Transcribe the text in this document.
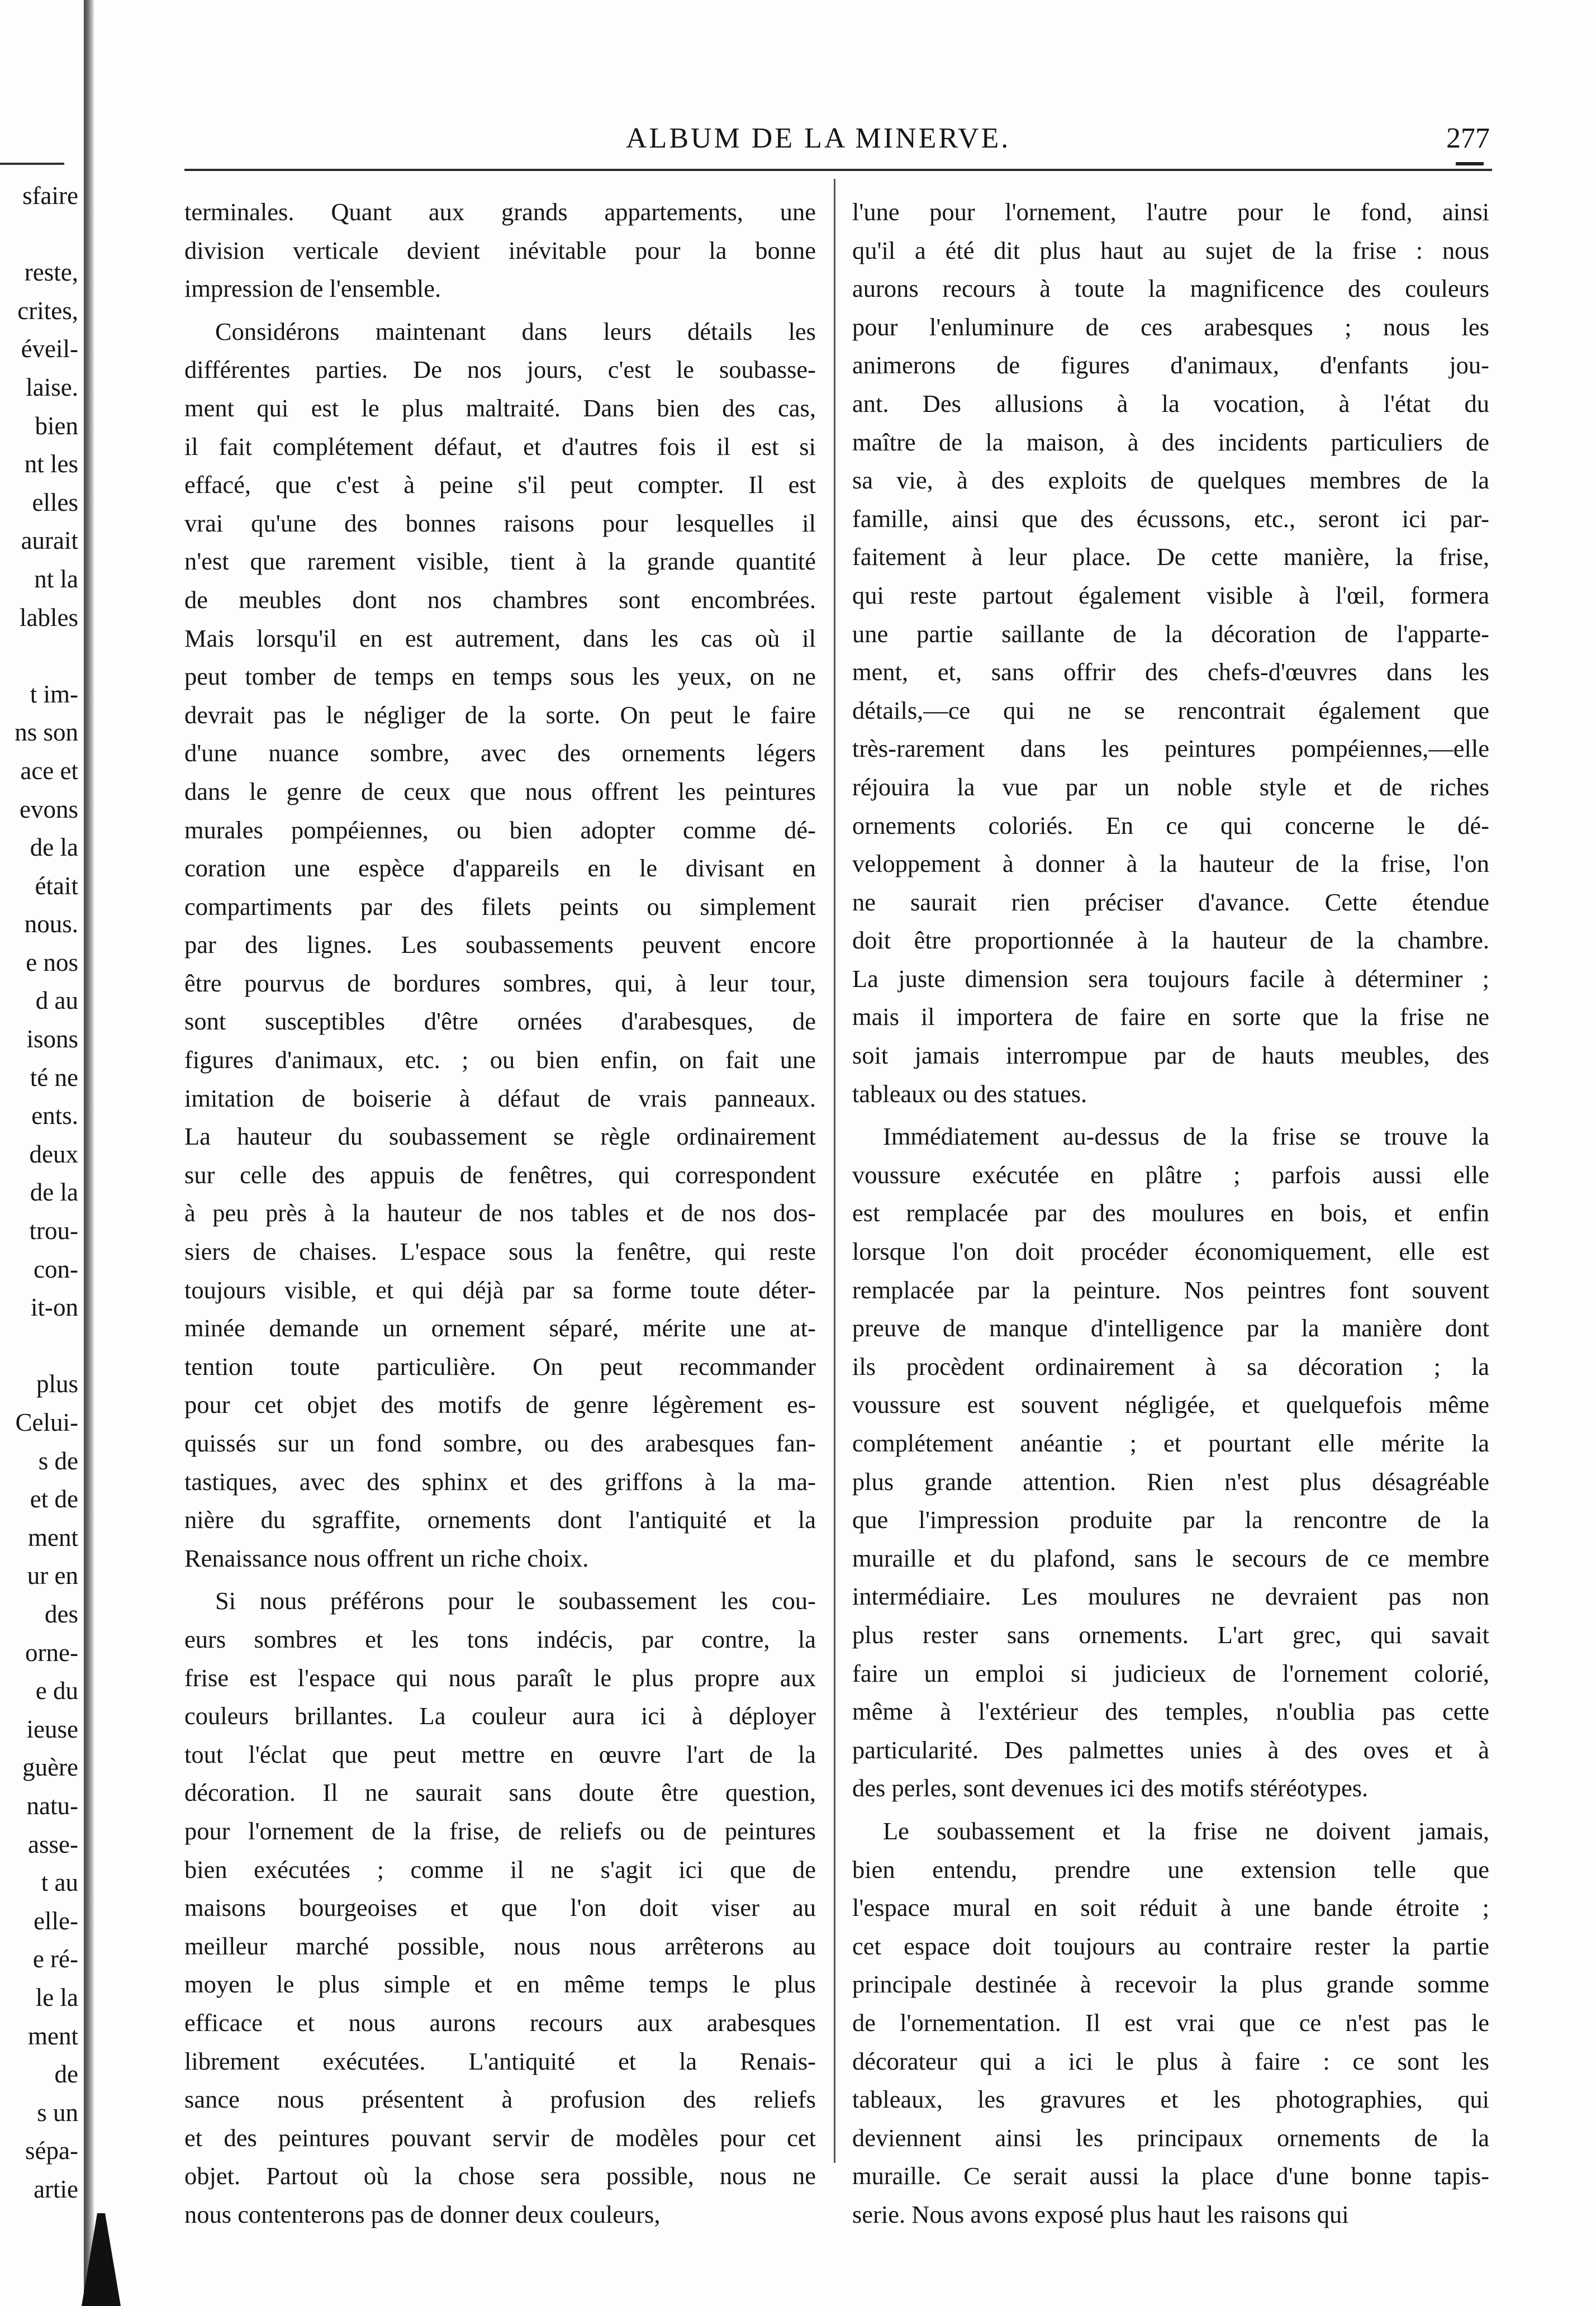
sfaire
reste,
crites,
éveil-
laise.
bien
nt les
elles
aurait
nt la
lables
t im-
ns son
ace et
evons
de la
était
nous.
e nos
d au
isons
té ne
ents.
deux
de la
trou-
con-
it-on
plus
Celui-
s de
et de
ment
ur en
des
orne-
e du
ieuse
guère
natu-
asse-
t au
elle-
e ré-
le la
ment
de
s un
sépa-
artie
ALBUM DE LA MINERVE.	277
terminales. Quant aux grands appartements, une
division verticale devient inévitable pour la bonne
impression de l'ensemble.
Considérons maintenant dans leurs détails les
différentes parties. De nos jours, c'est le soubasse-
ment qui est le plus maltraité. Dans bien des cas,
il fait complétement défaut, et d'autres fois il est si
effacé, que c'est à peine s'il peut compter. Il est
vrai qu'une des bonnes raisons pour lesquelles il
n'est que rarement visible, tient à la grande quantité
de meubles dont nos chambres sont encombrées.
Mais lorsqu'il en est autrement, dans les cas où il
peut tomber de temps en temps sous les yeux, on ne
devrait pas le négliger de la sorte. On peut le faire
d'une nuance sombre, avec des ornements légers
dans le genre de ceux que nous offrent les peintures
murales pompéiennes, ou bien adopter comme dé-
coration une espèce d'appareils en le divisant en
compartiments par des filets peints ou simplement
par des lignes. Les soubassements peuvent encore
être pourvus de bordures sombres, qui, à leur tour,
sont susceptibles d'être ornées d'arabesques, de
figures d'animaux, etc. ; ou bien enfin, on fait une
imitation de boiserie à défaut de vrais panneaux.
La hauteur du soubassement se règle ordinairement
sur celle des appuis de fenêtres, qui correspondent
à peu près à la hauteur de nos tables et de nos dos-
siers de chaises. L'espace sous la fenêtre, qui reste
toujours visible, et qui déjà par sa forme toute déter-
minée demande un ornement séparé, mérite une at-
tention toute particulière. On peut recommander
pour cet objet des motifs de genre légèrement es-
quissés sur un fond sombre, ou des arabesques fan-
tastiques, avec des sphinx et des griffons à la ma-
nière du sgraffite, ornements dont l'antiquité et la
Renaissance nous offrent un riche choix.
Si nous préférons pour le soubassement les cou-
eurs sombres et les tons indécis, par contre, la
frise est l'espace qui nous paraît le plus propre aux
couleurs brillantes. La couleur aura ici à déployer
tout l'éclat que peut mettre en œuvre l'art de la
décoration. Il ne saurait sans doute être question,
pour l'ornement de la frise, de reliefs ou de peintures
bien exécutées ; comme il ne s'agit ici que de
maisons bourgeoises et que l'on doit viser au
meilleur marché possible, nous nous arrêterons au
moyen le plus simple et en même temps le plus
efficace et nous aurons recours aux arabesques
librement exécutées. L'antiquité et la Renais-
sance nous présentent à profusion des reliefs
et des peintures pouvant servir de modèles pour cet
objet. Partout où la chose sera possible, nous ne
nous contenterons pas de donner deux couleurs,
l'une pour l'ornement, l'autre pour le fond, ainsi
qu'il a été dit plus haut au sujet de la frise : nous
aurons recours à toute la magnificence des couleurs
pour l'enluminure de ces arabesques ; nous les
animerons de figures d'animaux, d'enfants jou-
ant. Des allusions à la vocation, à l'état du
maître de la maison, à des incidents particuliers de
sa vie, à des exploits de quelques membres de la
famille, ainsi que des écussons, etc., seront ici par-
faitement à leur place. De cette manière, la frise,
qui reste partout également visible à l'œil, formera
une partie saillante de la décoration de l'apparte-
ment, et, sans offrir des chefs-d'œuvres dans les
détails,—ce qui ne se rencontrait également que
très-rarement dans les peintures pompéiennes,—elle
réjouira la vue par un noble style et de riches
ornements coloriés. En ce qui concerne le dé-
veloppement à donner à la hauteur de la frise, l'on
ne saurait rien préciser d'avance. Cette étendue
doit être proportionnée à la hauteur de la chambre.
La juste dimension sera toujours facile à déterminer ;
mais il importera de faire en sorte que la frise ne
soit jamais interrompue par de hauts meubles, des
tableaux ou des statues.
Immédiatement au-dessus de la frise se trouve la
voussure exécutée en plâtre ; parfois aussi elle
est remplacée par des moulures en bois, et enfin
lorsque l'on doit procéder économiquement, elle est
remplacée par la peinture. Nos peintres font souvent
preuve de manque d'intelligence par la manière dont
ils procèdent ordinairement à sa décoration ; la
voussure est souvent négligée, et quelquefois même
complétement anéantie ; et pourtant elle mérite la
plus grande attention. Rien n'est plus désagréable
que l'impression produite par la rencontre de la
muraille et du plafond, sans le secours de ce membre
intermédiaire. Les moulures ne devraient pas non
plus rester sans ornements. L'art grec, qui savait
faire un emploi si judicieux de l'ornement colorié,
même à l'extérieur des temples, n'oublia pas cette
particularité. Des palmettes unies à des oves et à
des perles, sont devenues ici des motifs stéréotypes.
Le soubassement et la frise ne doivent jamais,
bien entendu, prendre une extension telle que
l'espace mural en soit réduit à une bande étroite ;
cet espace doit toujours au contraire rester la partie
principale destinée à recevoir la plus grande somme
de l'ornementation. Il est vrai que ce n'est pas le
décorateur qui a ici le plus à faire : ce sont les
tableaux, les gravures et les photographies, qui
deviennent ainsi les principaux ornements de la
muraille. Ce serait aussi la place d'une bonne tapis-
serie. Nous avons exposé plus haut les raisons qui
